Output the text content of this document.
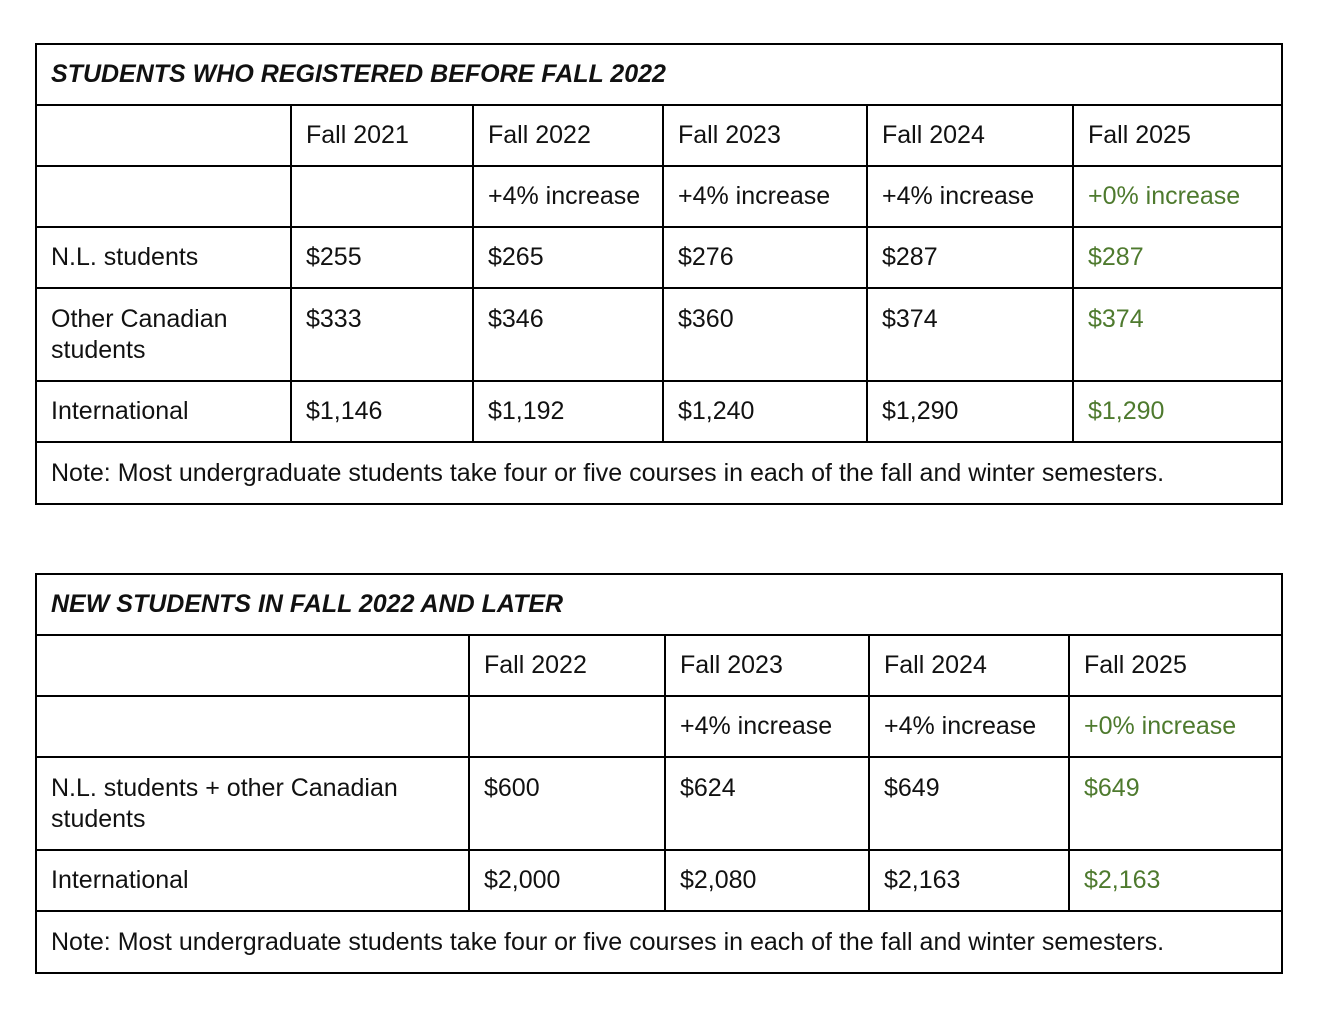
STUDENTS WHO REGISTERED BEFORE FALL 2022					
	Fall 2021	Fall 2022	Fall 2023	Fall 2024	Fall 2025
		+4% increase	+4% increase	+4% increase	+0% increase
N.L. students	$255	$265	$276	$287	$287
Other Canadian students	$333	$346	$360	$374	$374
International	$1,146	$1,192	$1,240	$1,290	$1,290
Note: Most undergraduate students take four or five courses in each of the fall and winter semesters.					
NEW STUDENTS IN FALL 2022 AND LATER				
	Fall 2022	Fall 2023	Fall 2024	Fall 2025
		+4% increase	+4% increase	+0% increase
N.L. students + other Canadian students	$600	$624	$649	$649
International	$2,000	$2,080	$2,163	$2,163
Note: Most undergraduate students take four or five courses in each of the fall and winter semesters.				
